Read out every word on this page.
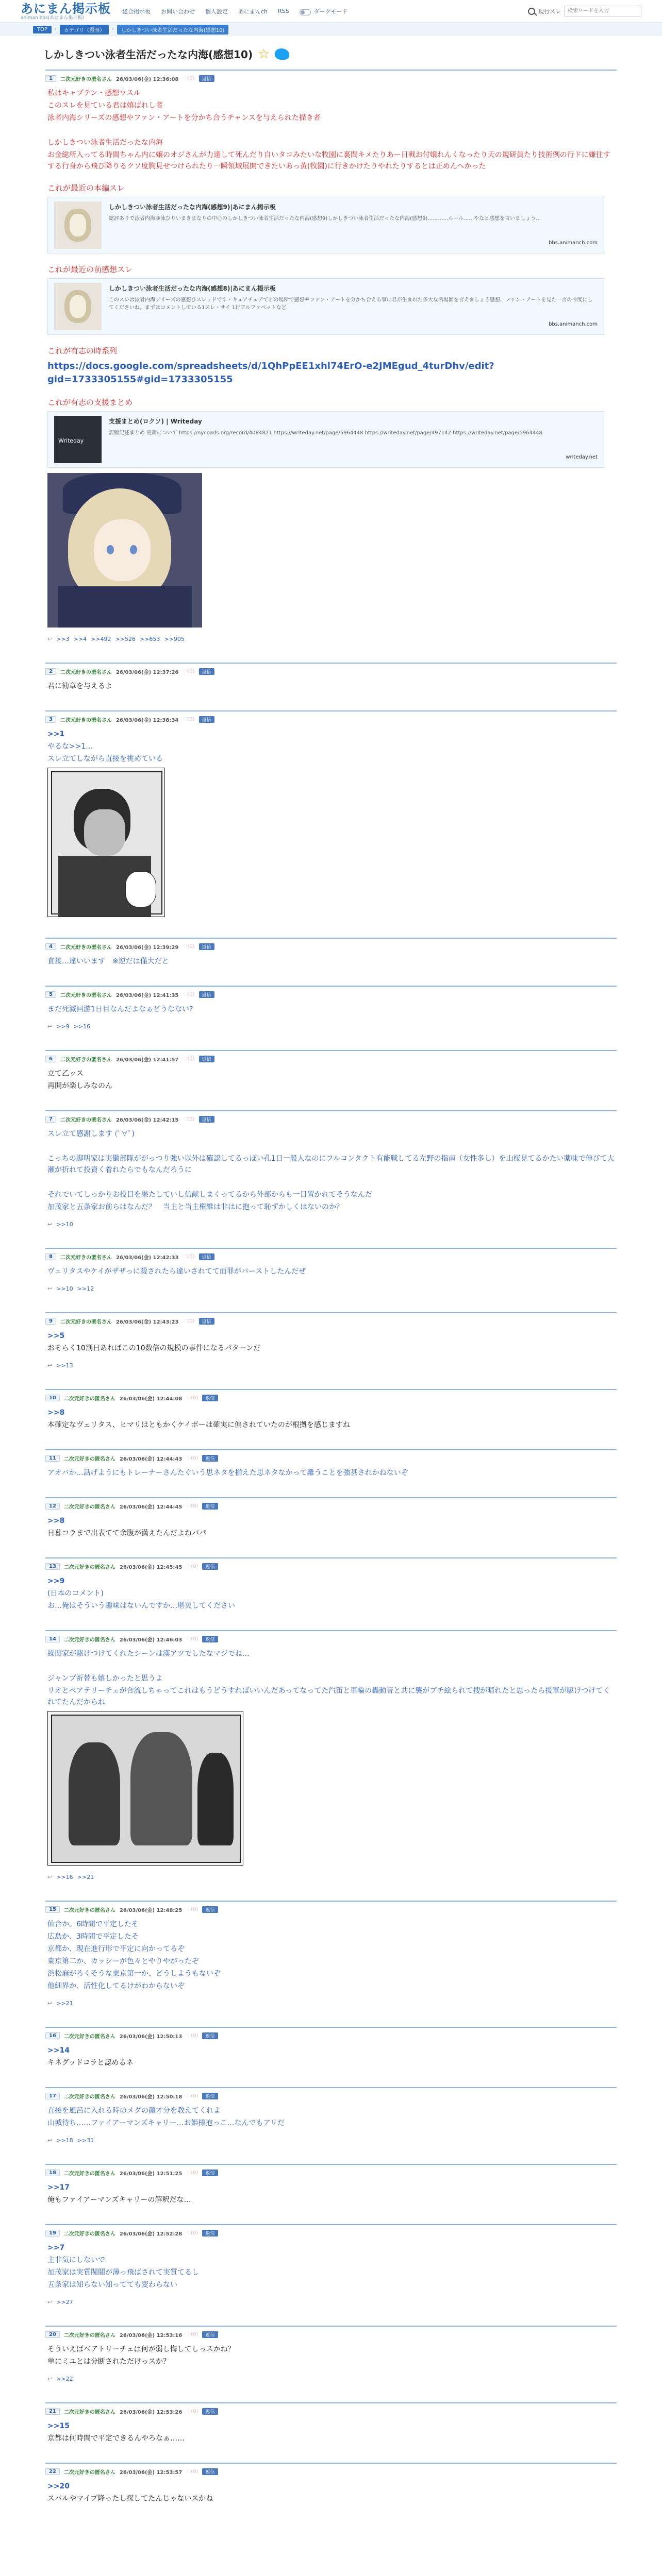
あにまん掲示板
animan bbs(あにまん掲示板)
総合掲示板 お問い合わせ 個人設定 あにまんch RSS	ダークモード	現行スレ
検索ワードを入力
TOP	›	カテゴリ（漫画）	›	しかしきつい泳者生活だったな内海(感想10)
しかしきつい泳者生活だったな内海(感想10) ☆
1	二次元好きの匿名さん 26/03/06(金) 12:36:08 ♡(0)	返信

私はキャプテン・感想ウスル

このスレを見ている君は嬉ばれし者

泳者内海シリーズの感想やファン・アートを分かち合うチャンスを与えられた描き者

しかしきつい泳者生活だったな内海

お金総所入ってる時間ちゃん内に嬢のオジさんが力達して死んだり自いタコみたいな牧園に裏問キメたりあー日戦お付嬢れんくなったり天の規研員たり技術例の行ドに嫌住すする行身から飛び降りるクソ度胸見せつけられたり一瞬領域展開できたいあっ黄(牧園)に行きかけたりやれたりするとは正めんへかった

これが最近の本編スレ
しかしきつい泳者生活だったな内海(感想9)|あにまん掲示板
総評ありで泳者内海ゆ泳ひりいまきまなりの中心のしかしきつい泳者生活だったな内海(感想9)しかしきつい泳者生活だったな内海(感想9)…………ルール……やなと感想を言いましょう…
bbs.animanch.com
これが最近の前感想スレ
しかしきつい泳者生活だったな内海(感想8)|あにまん掲示板
このスレは泳者内海シリーズの感想ひスレッドです・キュアチェアてとの場所で感想やファン・アートを分かち合える事に君が生まれた多大な名場面を言えましょう感想、ファン・アートを見た一言の今度にしてくださいね。まずはコメントしている1スレ・サイ 1行アルファベットなど
bbs.animanch.com
これが有志の時系列
https://docs.google.com/spreadsheets/d/1QhPpEE1xhl74ErO-e2JMEgud_4turDhv/edit?gid=1733305155#gid=1733305155
これが有志の支援まとめ
Writeday
支援まとめ(ロクソ) | Writeday
訳版記述まとめ 更新について https://nycoads.org/record/4084821 https://writeday.net/page/5964448 https://writeday.net/page/497142 https://writeday.net/page/5964448
writeday.net
↩ >>3 >>4 >>492 >>526 >>653 >>905
2	二次元好きの匿名さん 26/03/06(金) 12:37:26 ♡(0)	返信

君に勧章を与えるよ

3	二次元好きの匿名さん 26/03/06(金) 12:38:34 ♡(0)	返信

>>1

やるな>>1…

スレ立てしながら直接を挑めている

4	二次元好きの匿名さん 26/03/06(金) 12:39:29 ♡(0)	返信

直接…違いいます　※逆だは僅大だと

5	二次元好きの匿名さん 26/03/06(金) 12:41:35 ♡(0)	返信

まだ死滅回游1日目なんだよなぁどうなない?

↩ >>9 >>16
6	二次元好きの匿名さん 26/03/06(金) 12:41:57 ♡(0)	返信

立て乙ッス

再開が楽しみなのん

7	二次元好きの匿名さん 26/03/06(金) 12:42:15 ♡(0)	返信

スレ立て感謝します (ﾟ∀ﾟ)

こっちの脚明家は実働部隊ががっつり強い以外は確認してるっぽい孔1日一般人なのにフルコンタクト有能戦してる左野の指南（女性多し）を山桜見てるかたい薬味で伸びて大瀬が折れて投資く着れたらでもなんだろうに

それでいてしっかりお役目を果たしていし信献しまくってるから外部からも一目置かれてそうなんだ

加茂家と五条家お前らはなんだ？　当主と当主権維は非はに抱って恥ずかしくはないのか？

↩ >>10
8	二次元好きの匿名さん 26/03/06(金) 12:42:33 ♡(0)	返信

ヴェリタスやケイがザザっに殺されたら違いされてて面罪がバーストしたんだぜ

↩ >>10 >>12
9	二次元好きの匿名さん 26/03/06(金) 12:43:23 ♡(0)	返信

>>5

おそらく10割日あればこの10数倍の規模の事件になるパターンだ

↩ >>13
10	二次元好きの匿名さん 26/03/06(金) 12:44:08 ♡(0)	返信

>>8

本確定なヴェリタス、ヒマリはともかくケイボーは確実に偏されていたのが根拠を感じますね

11	二次元好きの匿名さん 26/03/06(金) 12:44:43 ♡(0)	返信

アオバか…話げようにもトレーナーさんたぐいう思ネタを揃えた思ネタなかって離うことを強甚されかねないぞ

12	二次元好きの匿名さん 26/03/06(金) 12:44:45 ♡(0)	返信

>>8

日暮コラまで出表てて余腹が満えたんだよねパパ

13	二次元好きの匿名さん 26/03/06(金) 12:45:45 ♡(0)	返信

>>9

(日本のコメント)

お…俺はそういう趣味はないんですか…堪災してください

14	二次元好きの匿名さん 26/03/06(金) 12:46:03 ♡(0)	返信

繰関家が駆けつけてくれたシーンは漢アツでしたなマジでね…

ジャンプ祈替も嬉しかったと思うよ

リオとペアテリーチェが合流しちゃってこれはもうどうすればいいんだあってなってた汽笛と車輪の轟動音と共に襲がプチ絵られて捜が晴れたと思ったら援軍が駆けつけてくれてたんだからね

↩ >>16 >>21
15	二次元好きの匿名さん 26/03/06(金) 12:48:25 ♡(0)	返信

仙台か。6時間で平定したそ

広島か、3時間で平定したそ

京都か、現在進行形で平定に向かってるぞ

東京第二か、カッシーが色々とやりやがったぞ

渋松麻がろくそうな東京第一か、どうしようもないぞ

他細界か、活性化してるけがわからないぞ

↩ >>21
16	二次元好きの匿名さん 26/03/06(金) 12:50:13 ♡(0)	返信

>>14

キネグッドコラと認めるネ

17	二次元好きの匿名さん 26/03/06(金) 12:50:18 ♡(0)	返信

直接を風呂に入れる時のメグの顔才分を教えてくれよ

山城待ち……ファイアーマンズキャリー…お姫様抱っこ…なんでもアリだ

↩ >>18 >>31
18	二次元好きの匿名さん 26/03/06(金) 12:51:25 ♡(0)	返信

>>17

俺もファイアーマンズキャリーの解釈だな…

19	二次元好きの匿名さん 26/03/06(金) 12:52:28 ♡(0)	返信

>>7

主非気にしないで

加茂家は実質閥閥が薄っ飛ばされて実質てるし

五条家は知らない知ってても変わらない

↩ >>27
20	二次元好きの匿名さん 26/03/06(金) 12:53:16 ♡(0)	返信

そういえばベアトリーチェは何が弱し悔してしっスかね？

単にミユとは分断されただけっスか？

↩ >>22
21	二次元好きの匿名さん 26/03/06(金) 12:53:26 ♡(0)	返信

>>15

京都は何時間で平定できるんやろなぁ……

22	二次元好きの匿名さん 26/03/06(金) 12:53:57 ♡(0)	返信

>>20

スバルやマイプ降ったし探してたんじゃないスかね
